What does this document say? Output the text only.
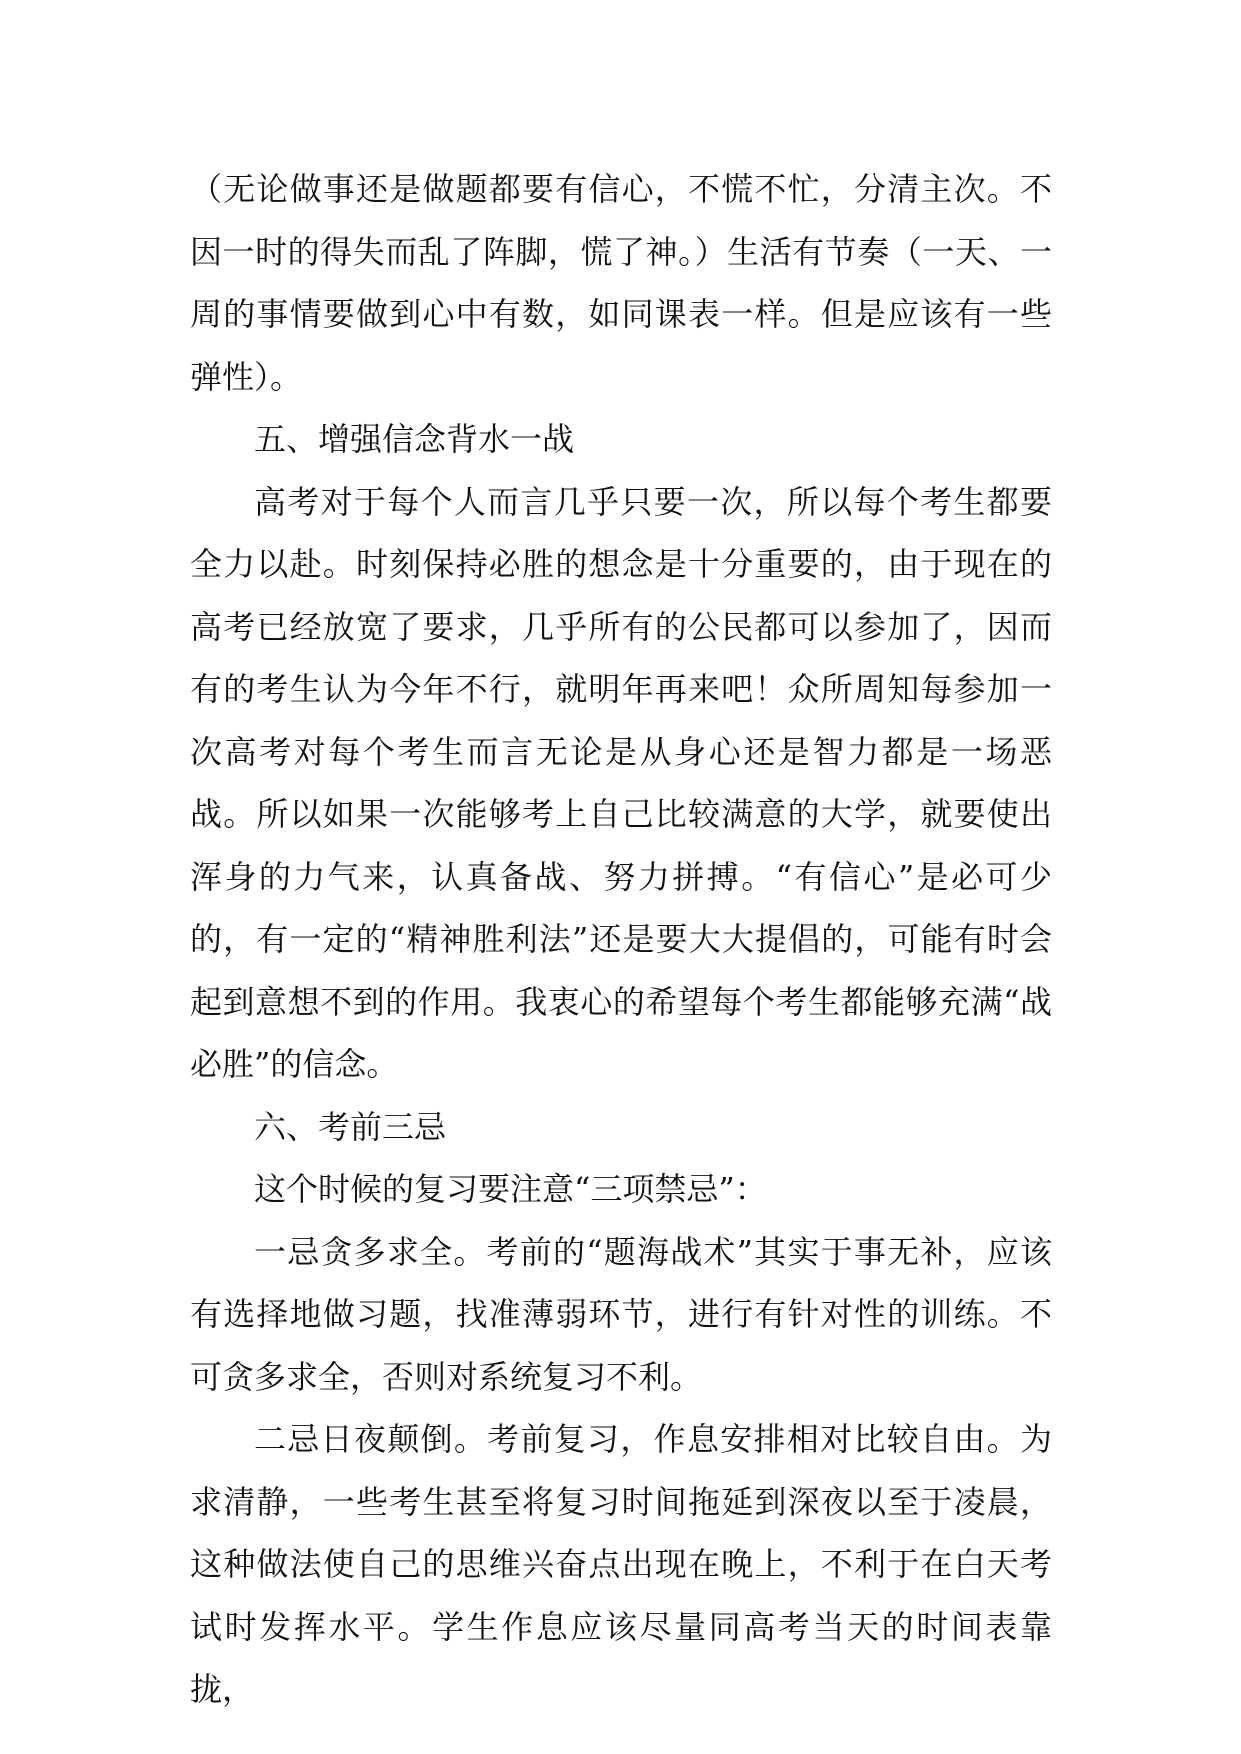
（无论做事还是做题都要有信心，不慌不忙，分清主次。不因一时的得失而乱了阵脚，慌了神。）生活有节奏（一天、一周的事情要做到心中有数，如同课表一样。但是应该有一些弹性）。

五、增强信念背水一战

高考对于每个人而言几乎只要一次，所以每个考生都要全力以赴。时刻保持必胜的想念是十分重要的，由于现在的高考已经放宽了要求，几乎所有的公民都可以参加了，因而有的考生认为今年不行，就明年再来吧！众所周知每参加一次高考对每个考生而言无论是从身心还是智力都是一场恶战。所以如果一次能够考上自己比较满意的大学，就要使出浑身的力气来，认真备战、努力拼搏。“有信心”是必可少的，有一定的“精神胜利法”还是要大大提倡的，可能有时会起到意想不到的作用。我衷心的希望每个考生都能够充满“战必胜”的信念。

六、考前三忌

这个时候的复习要注意“三项禁忌”：

一忌贪多求全。考前的“题海战术”其实于事无补，应该有选择地做习题，找准薄弱环节，进行有针对性的训练。不可贪多求全，否则对系统复习不利。

二忌日夜颠倒。考前复习，作息安排相对比较自由。为求清静，一些考生甚至将复习时间拖延到深夜以至于凌晨，这种做法使自己的思维兴奋点出现在晚上，不利于在白天考试时发挥水平。学生作息应该尽量同高考当天的时间表靠拢，
